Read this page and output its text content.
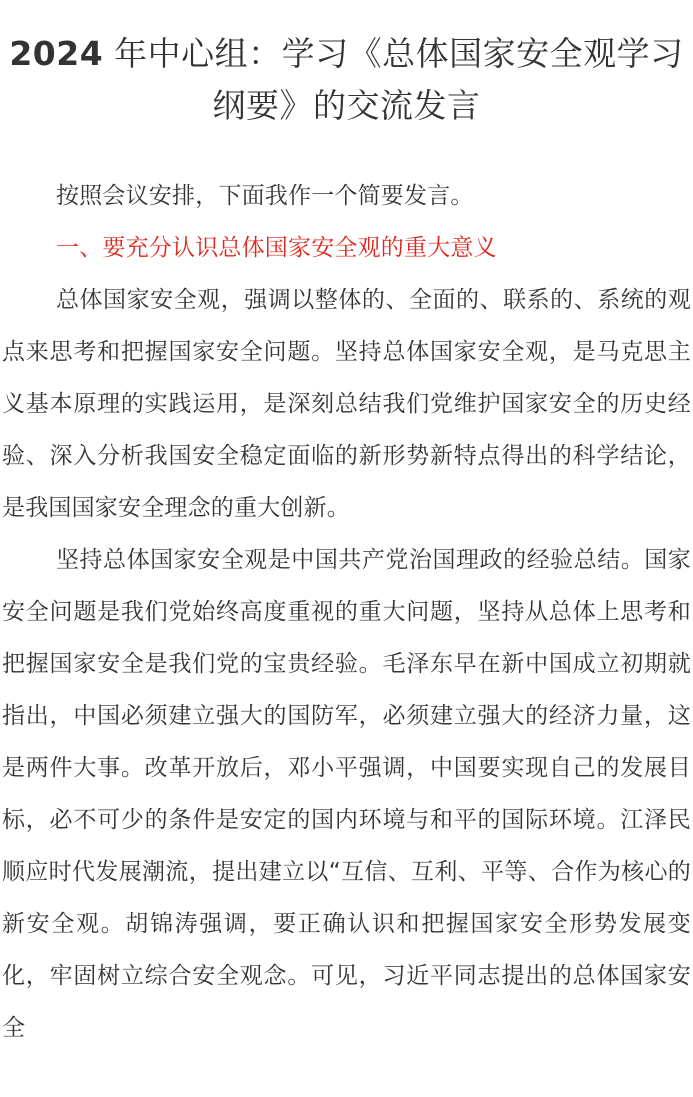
2024 年中心组：学习《总体国家安全观学习纲要》的交流发言

按照会议安排，下面我作一个简要发言。

一、要充分认识总体国家安全观的重大意义

总体国家安全观，强调以整体的、全面的、联系的、系统的观点来思考和把握国家安全问题。坚持总体国家安全观，是马克思主义基本原理的实践运用，是深刻总结我们党维护国家安全的历史经验、深入分析我国安全稳定面临的新形势新特点得出的科学结论，是我国国家安全理念的重大创新。

坚持总体国家安全观是中国共产党治国理政的经验总结。国家安全问题是我们党始终高度重视的重大问题，坚持从总体上思考和把握国家安全是我们党的宝贵经验。毛泽东早在新中国成立初期就指出，中国必须建立强大的国防军，必须建立强大的经济力量，这是两件大事。改革开放后，邓小平强调，中国要实现自己的发展目标，必不可少的条件是安定的国内环境与和平的国际环境。江泽民顺应时代发展潮流，提出建立以“互信、互利、平等、合作为核心的新安全观。胡锦涛强调，要正确认识和把握国家安全形势发展变化，牢固树立综合安全观念。可见，习近平同志提出的总体国家安全
